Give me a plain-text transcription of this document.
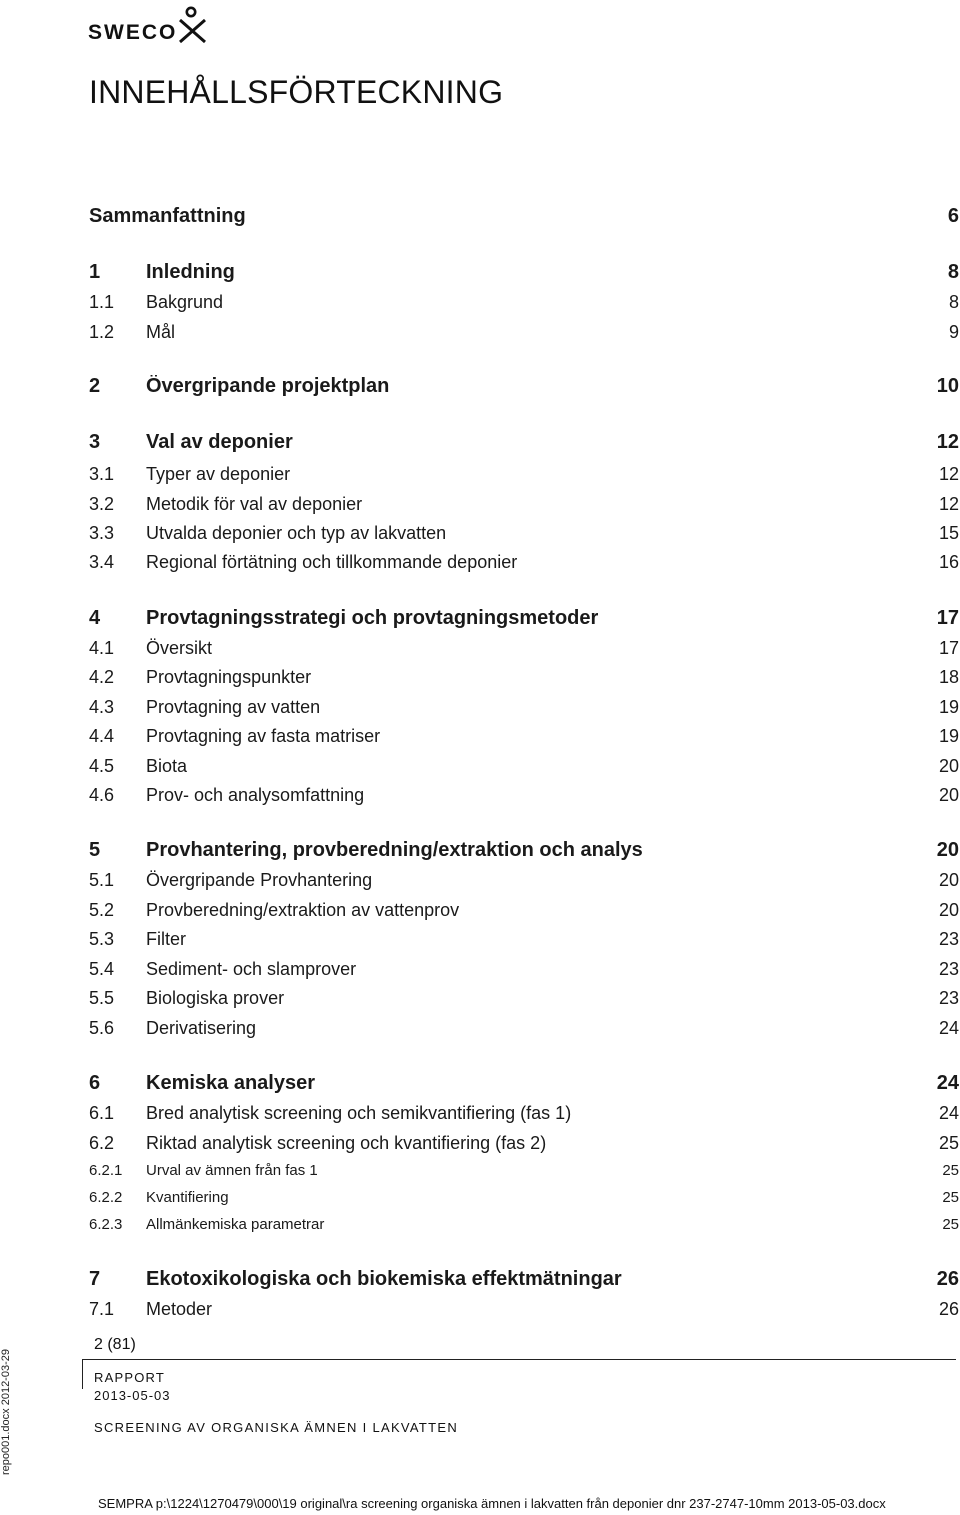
SWECO
INNEHÅLLSFÖRTECKNING
Sammanfattning	6
1	Inledning	8
1.1	Bakgrund	8
1.2	Mål	9
2	Övergripande projektplan	10
3	Val av deponier	12
3.1	Typer av deponier	12
3.2	Metodik för val av deponier	12
3.3	Utvalda deponier och typ av lakvatten	15
3.4	Regional förtätning och tillkommande deponier	16
4	Provtagningsstrategi och provtagningsmetoder	17
4.1	Översikt	17
4.2	Provtagningspunkter	18
4.3	Provtagning av vatten	19
4.4	Provtagning av fasta matriser	19
4.5	Biota	20
4.6	Prov- och analysomfattning	20
5	Provhantering, provberedning/extraktion och analys	20
5.1	Övergripande Provhantering	20
5.2	Provberedning/extraktion av vattenprov	20
5.3	Filter	23
5.4	Sediment- och slamprover	23
5.5	Biologiska prover	23
5.6	Derivatisering	24
6	Kemiska analyser	24
6.1	Bred analytisk screening och semikvantifiering (fas 1)	24
6.2	Riktad analytisk screening och kvantifiering (fas 2)	25
6.2.1	Urval av ämnen från fas 1	25
6.2.2	Kvantifiering	25
6.2.3	Allmänkemiska parametrar	25
7	Ekotoxikologiska och biokemiska effektmätningar	26
7.1	Metoder	26
2 (81)
RAPPORT
2013-05-03
SCREENING AV ORGANISKA ÄMNEN I LAKVATTEN
repo001.docx 2012-03-29
SEMPRA p:\1224\1270479\000\19 original\ra screening organiska ämnen i lakvatten från deponier dnr 237-2747-10mm 2013-05-03.docx
